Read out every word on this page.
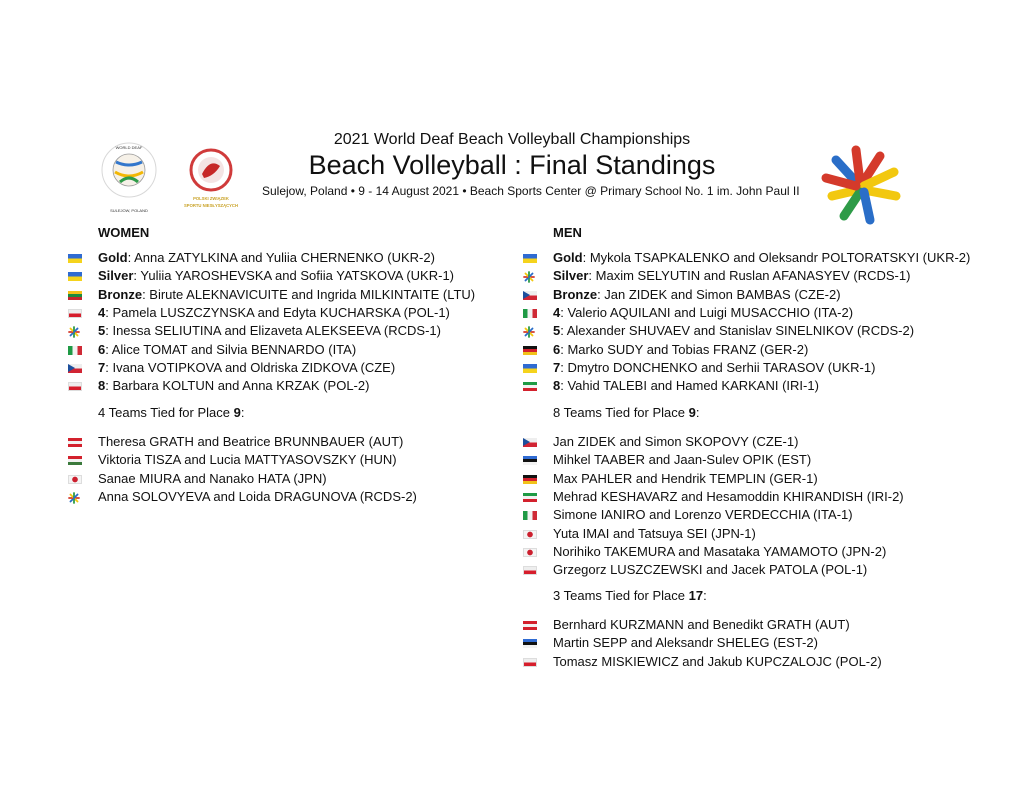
2021 World Deaf Beach Volleyball Championships
Beach Volleyball : Final Standings
Sulejow, Poland • 9 - 14 August 2021 • Beach Sports Center @ Primary School No. 1 im. John Paul II
WORLD DEAF
SULEJOW, POLAND
POLSKI ZWIĄZEK
SPORTU NIESŁYSZĄCYCH
WOMEN	MEN
Gold: Anna ZATYLKINA and Yuliia CHERNENKO (UKR-2)
Silver: Yuliia YAROSHEVSKA and Sofiia YATSKOVA (UKR-1)
Bronze: Birute ALEKNAVICUITE and Ingrida MILKINTAITE (LTU)
4: Pamela LUSZCZYNSKA and Edyta KUCHARSKA (POL-1)
5: Inessa SELIUTINA and Elizaveta ALEKSEEVA (RCDS-1)
6: Alice TOMAT and Silvia BENNARDO (ITA)
7: Ivana VOTIPKOVA and Oldriska ZIDKOVA (CZE)
8: Barbara KOLTUN and Anna KRZAK (POL-2)
4 Teams Tied for Place 9:
Theresa GRATH and Beatrice BRUNNBAUER (AUT)
Viktoria TISZA and Lucia MATTYASOVSZKY (HUN)
Sanae MIURA and Nanako HATA (JPN)
Anna SOLOVYEVA and Loida DRAGUNOVA (RCDS-2)
Gold: Mykola TSAPKALENKO and Oleksandr POLTORATSKYI (UKR-2)
Silver: Maxim SELYUTIN and Ruslan AFANASYEV (RCDS-1)
Bronze: Jan ZIDEK and Simon BAMBAS (CZE-2)
4: Valerio AQUILANI and Luigi MUSACCHIO (ITA-2)
5: Alexander SHUVAEV and Stanislav SINELNIKOV (RCDS-2)
6: Marko SUDY and Tobias FRANZ (GER-2)
7: Dmytro DONCHENKO and Serhii TARASOV (UKR-1)
8: Vahid TALEBI and Hamed KARKANI (IRI-1)
8 Teams Tied for Place 9:
Jan ZIDEK and Simon SKOPOVY (CZE-1)
Mihkel TAABER and Jaan-Sulev OPIK (EST)
Max PAHLER and Hendrik TEMPLIN (GER-1)
Mehrad KESHAVARZ and Hesamoddin KHIRANDISH (IRI-2)
Simone IANIRO and Lorenzo VERDECCHIA (ITA-1)
Yuta IMAI and Tatsuya SEI (JPN-1)
Norihiko TAKEMURA and Masataka YAMAMOTO (JPN-2)
Grzegorz LUSZCZEWSKI and Jacek PATOLA (POL-1)
3 Teams Tied for Place 17:
Bernhard KURZMANN and Benedikt GRATH (AUT)
Martin SEPP and Aleksandr SHELEG (EST-2)
Tomasz MISKIEWICZ and Jakub KUPCZALOJC (POL-2)
